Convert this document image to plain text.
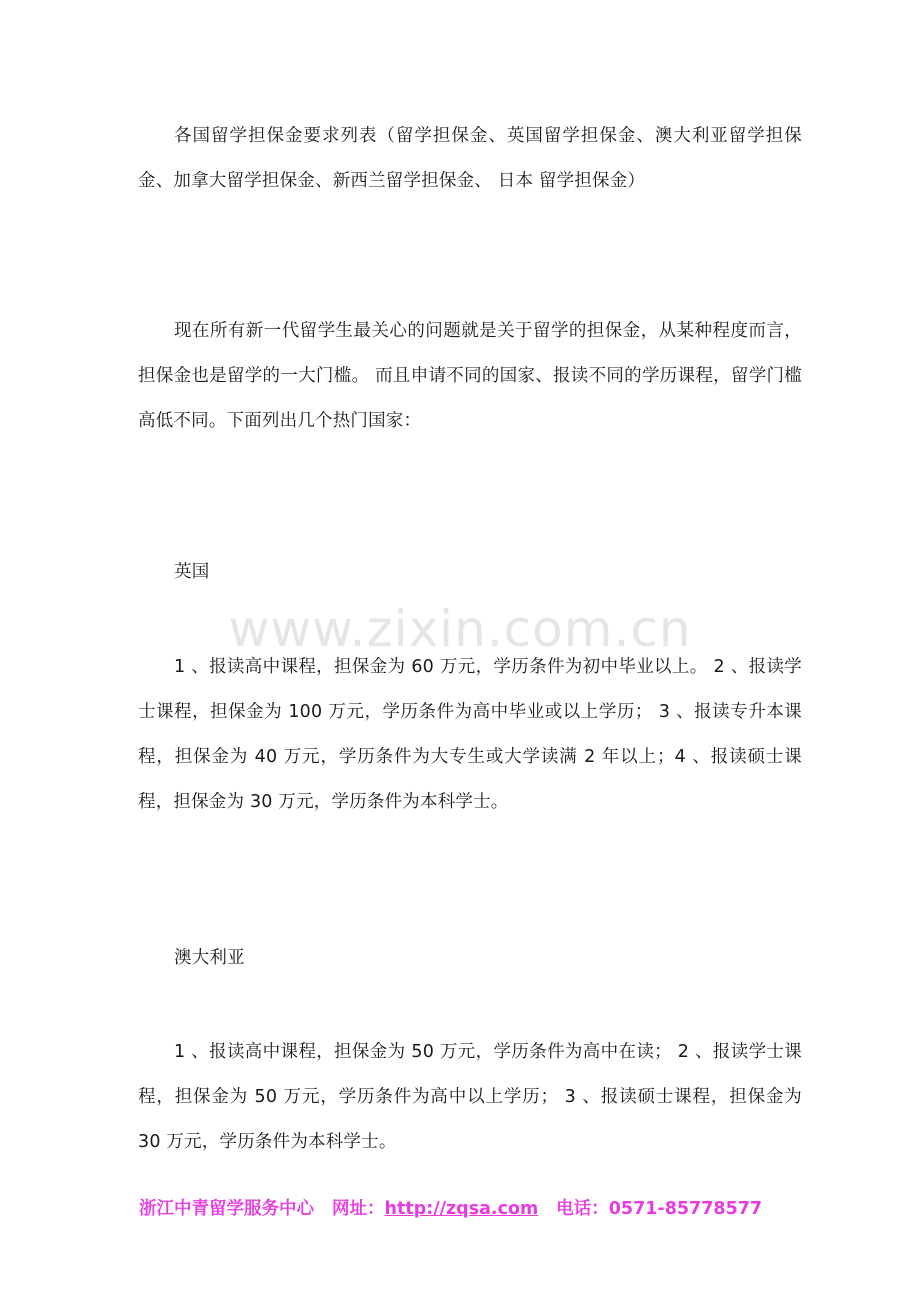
各国留学担保金要求列表（留学担保金、英国留学担保金、澳大利亚留学担保金、加拿大留学担保金、新西兰留学担保金、 日本 留学担保金）

现在所有新一代留学生最关心的问题就是关于留学的担保金，从某种程度而言，担保金也是留学的一大门槛。 而且申请不同的国家、报读不同的学历课程，留学门槛高低不同。下面列出几个热门国家：

英国

www.zixin.com.cn

1 、报读高中课程，担保金为 60 万元，学历条件为初中毕业以上。 2 、报读学士课程，担保金为 100 万元，学历条件为高中毕业或以上学历； 3 、报读专升本课程，担保金为 40 万元，学历条件为大专生或大学读满 2 年以上；4 、报读硕士课程，担保金为 30 万元，学历条件为本科学士。

澳大利亚

1 、报读高中课程，担保金为 50 万元，学历条件为高中在读； 2 、报读学士课程，担保金为 50 万元，学历条件为高中以上学历； 3 、报读硕士课程，担保金为 30 万元，学历条件为本科学士。

浙江中青留学服务中心 网址：http://zqsa.com 电话：0571-85778577
